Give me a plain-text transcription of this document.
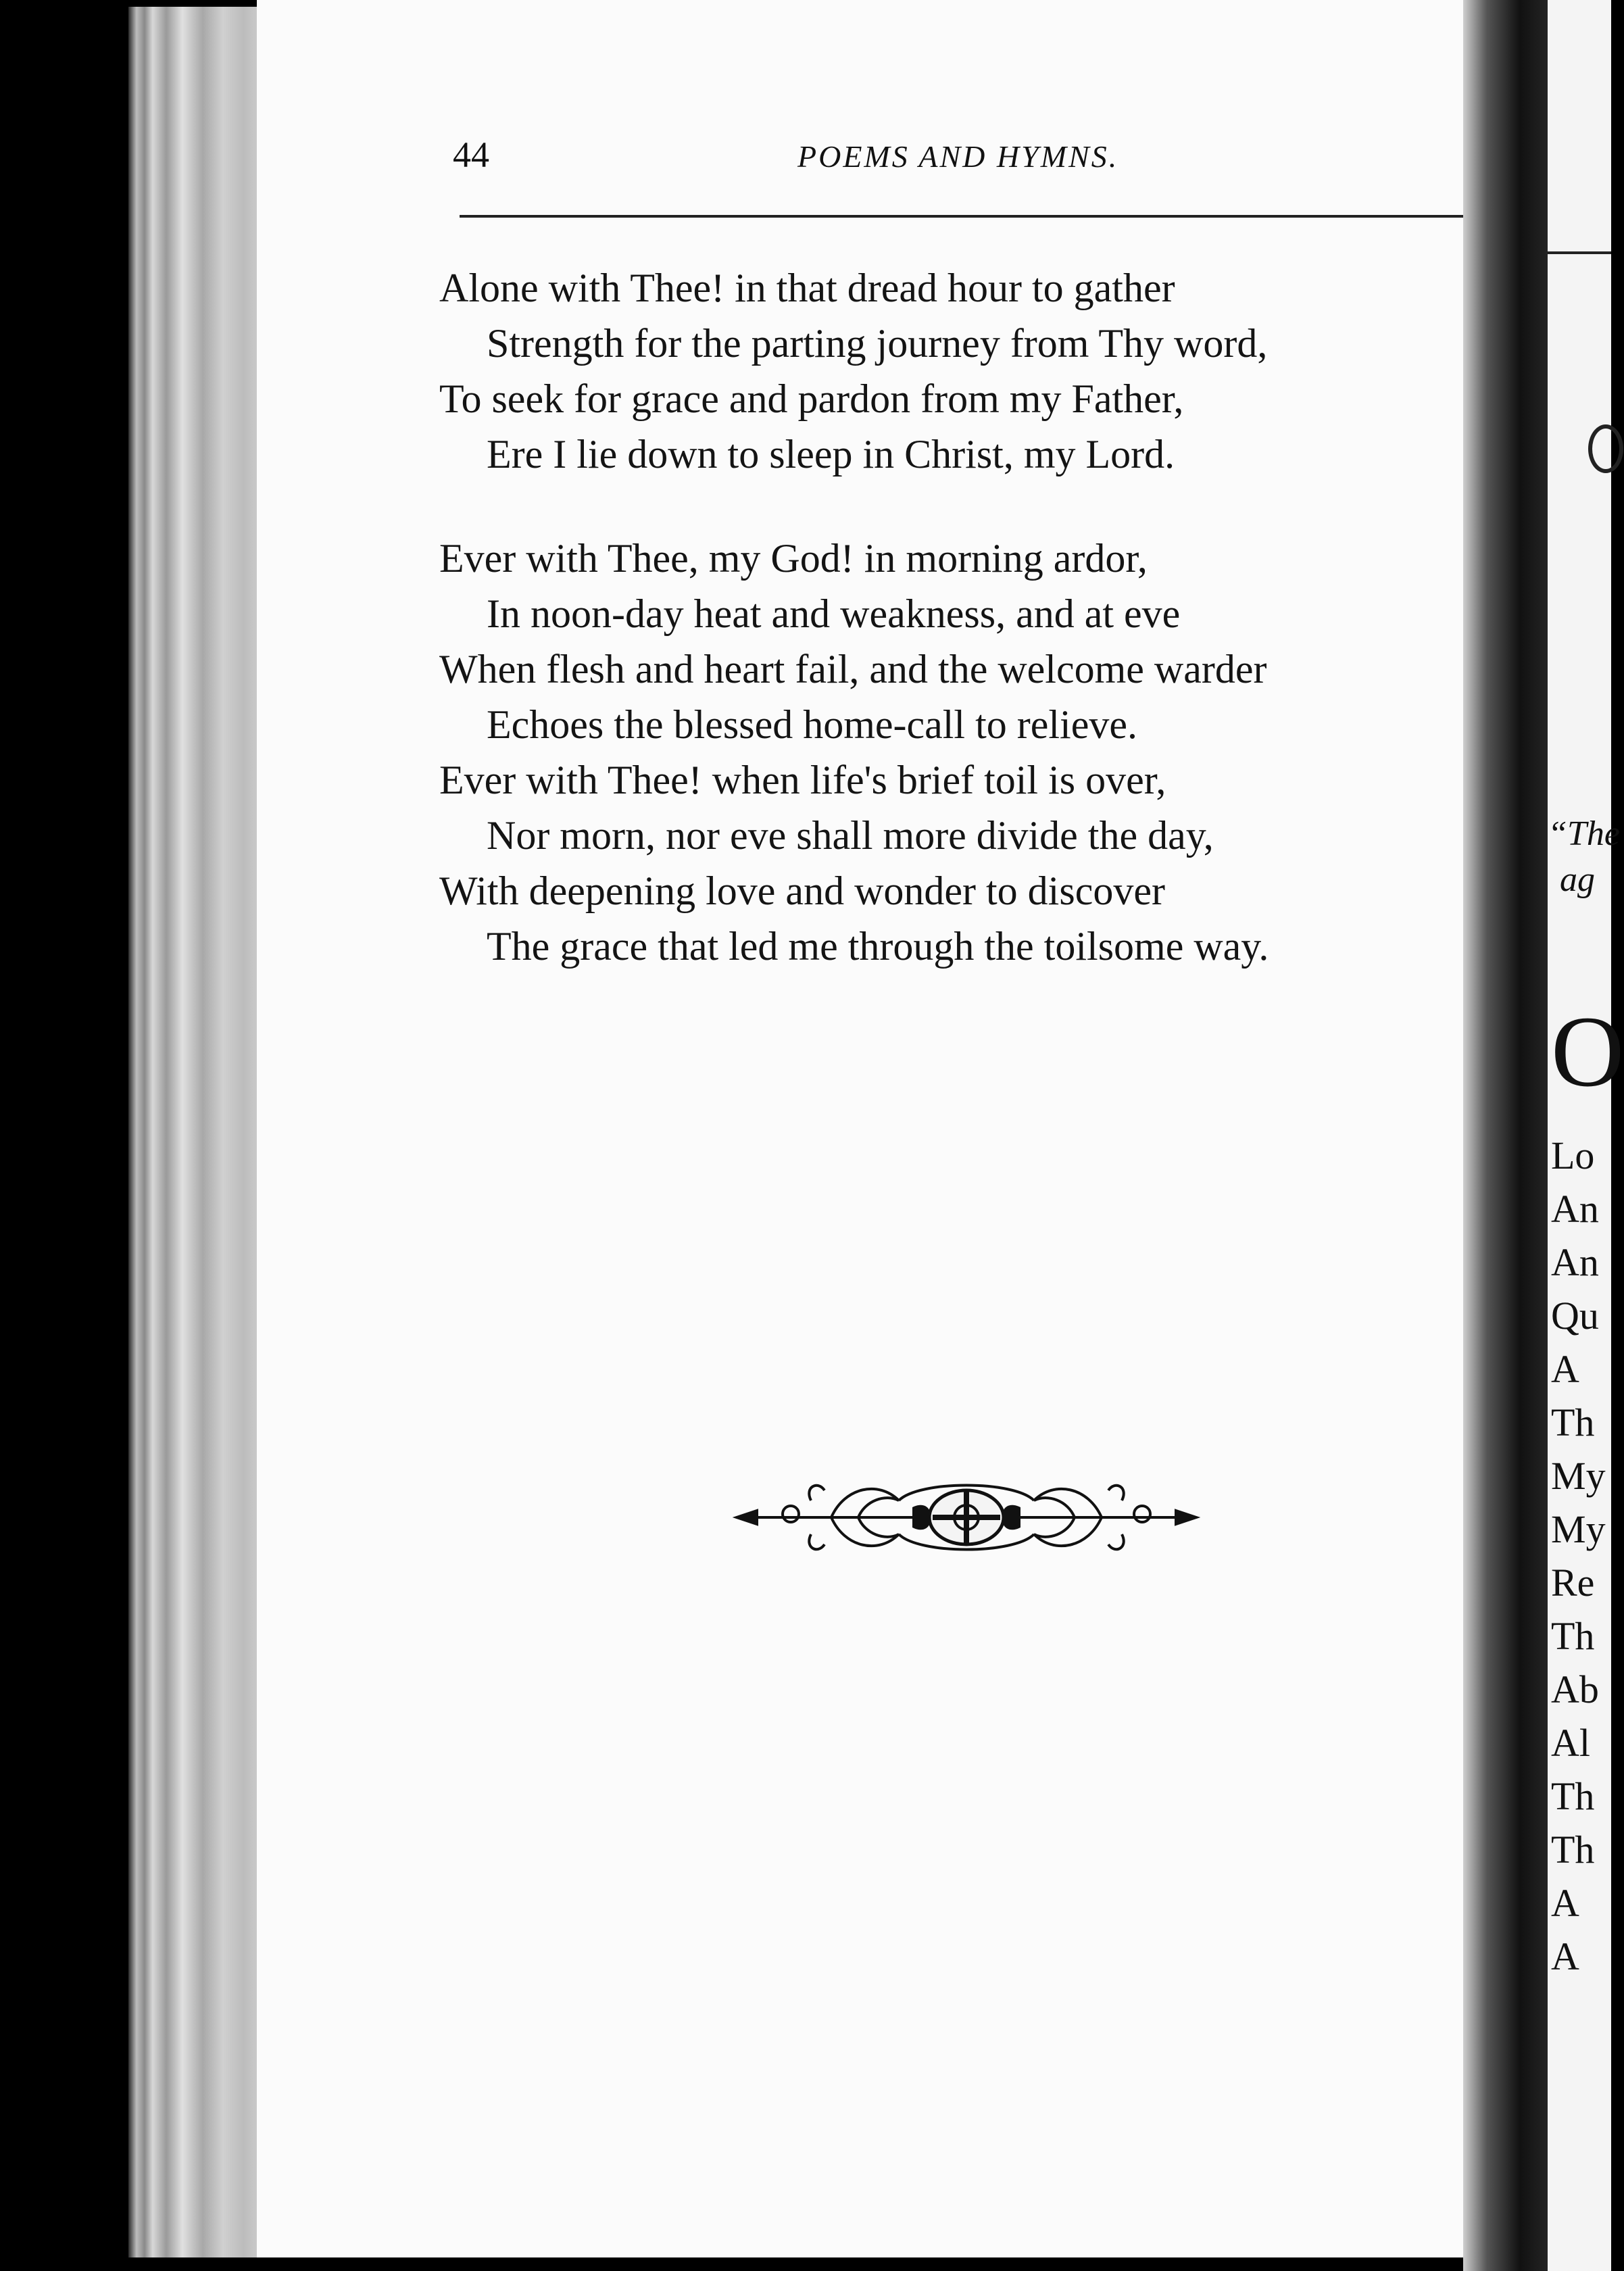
44	POEMS AND HYMNS.
Alone with Thee! in that dread hour to gather
Strength for the parting journey from Thy word,
To seek for grace and pardon from my Father,
Ere I lie down to sleep in Christ, my Lord.
Ever with Thee, my God! in morning ardor,
In noon-day heat and weakness, and at eve
When flesh and heart fail, and the welcome warder
Echoes the blessed home-call to relieve.
Ever with Thee! when life's brief toil is over,
Nor morn, nor eve shall more divide the day,
With deepening love and wonder to discover
The grace that led me through the toilsome way.
“The
ag
O
Lo
An
An
Qu
A
Th
My
My
Re
Th
Ab
Al
Th
Th
A
A
